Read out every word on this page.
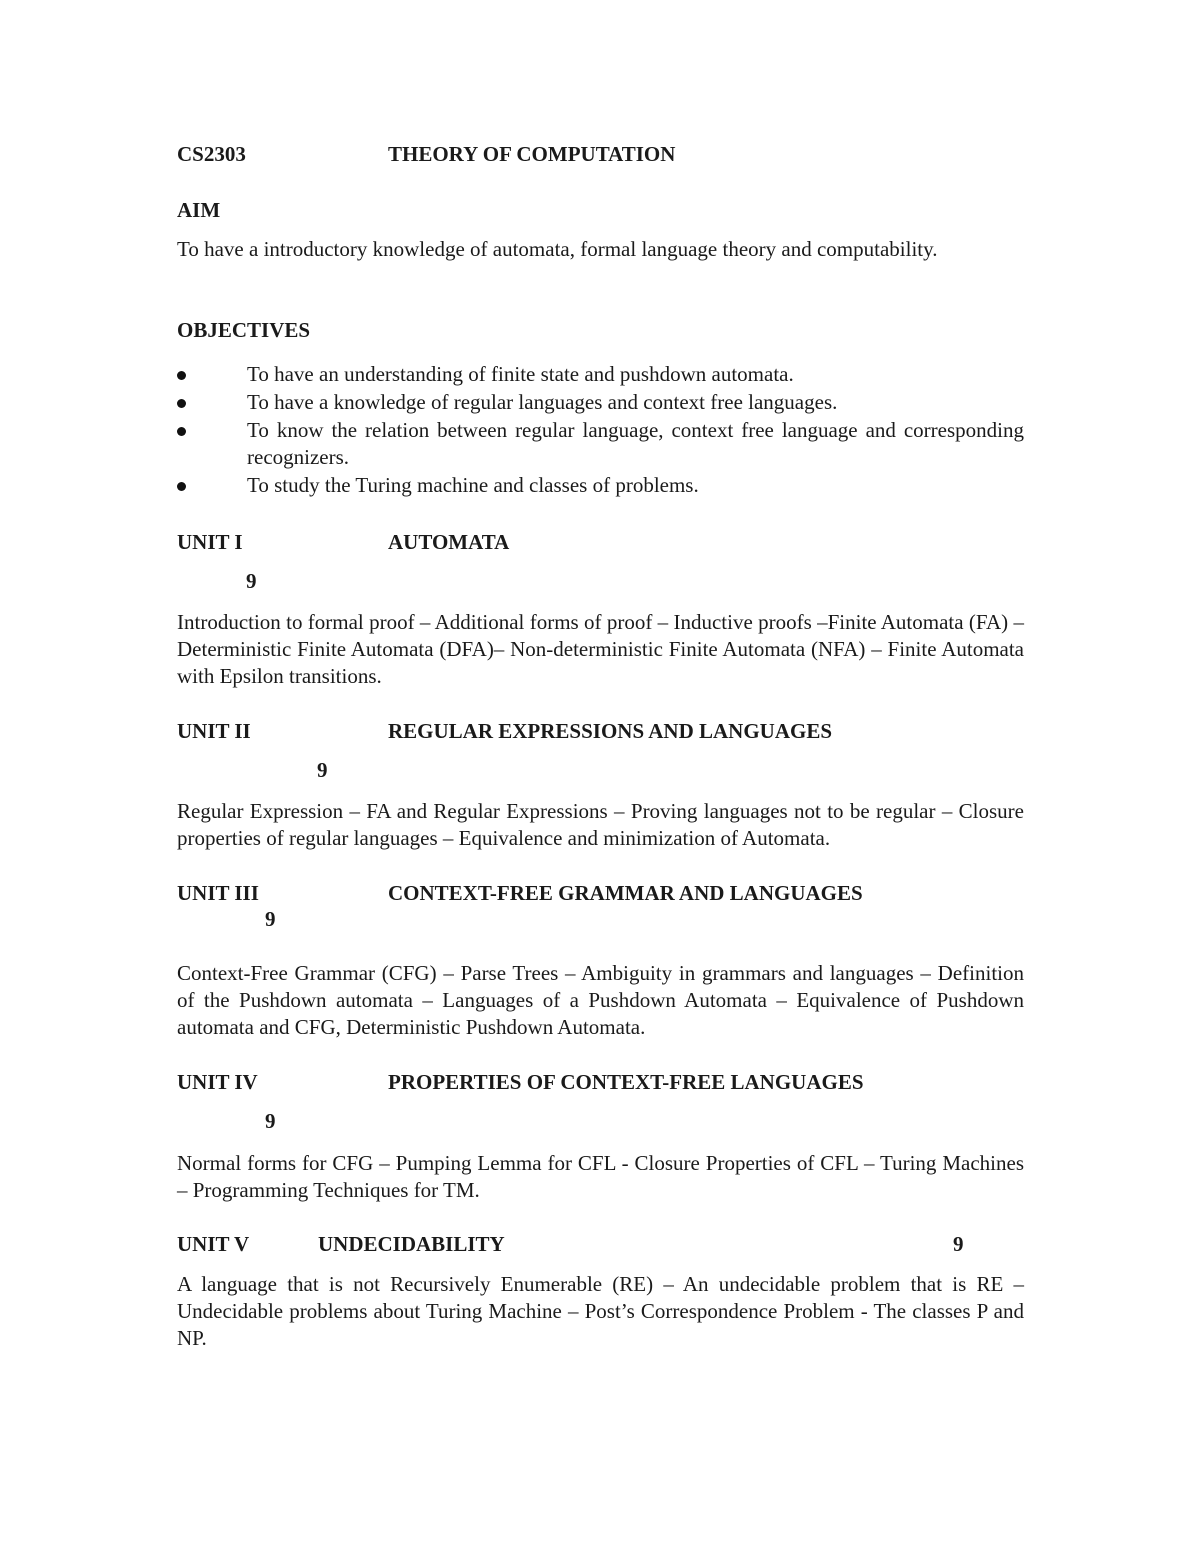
CS2303	THEORY OF COMPUTATION
AIM

To have a introductory knowledge of automata, formal language theory and computability.

OBJECTIVES
To have an understanding of finite state and pushdown automata.
To have a knowledge of regular languages and context free languages.
To know the relation between regular language, context free language and corresponding recognizers.
To study the Turing machine and classes of problems.
UNIT I	AUTOMATA
9

Introduction to formal proof – Additional forms of proof – Inductive proofs –Finite Automata (FA) – Deterministic Finite Automata (DFA)– Non-deterministic Finite Automata (NFA) – Finite Automata with Epsilon transitions.

UNIT II	REGULAR EXPRESSIONS AND LANGUAGES
9

Regular Expression – FA and Regular Expressions – Proving languages not to be regular – Closure properties of regular languages – Equivalence and minimization of Automata.

UNIT III	CONTEXT-FREE GRAMMAR AND LANGUAGES
9

Context-Free Grammar (CFG) – Parse Trees – Ambiguity in grammars and languages – Definition of the Pushdown automata – Languages of a Pushdown Automata – Equivalence of Pushdown automata and CFG, Deterministic Pushdown Automata.

UNIT IV	PROPERTIES OF CONTEXT-FREE LANGUAGES
9

Normal forms for CFG – Pumping Lemma for CFL - Closure Properties of CFL – Turing Machines – Programming Techniques for TM.

UNIT V	UNDECIDABILITY	9

A language that is not Recursively Enumerable (RE) – An undecidable problem that is RE – Undecidable problems about Turing Machine – Post’s Correspondence Problem - The classes P and NP.
